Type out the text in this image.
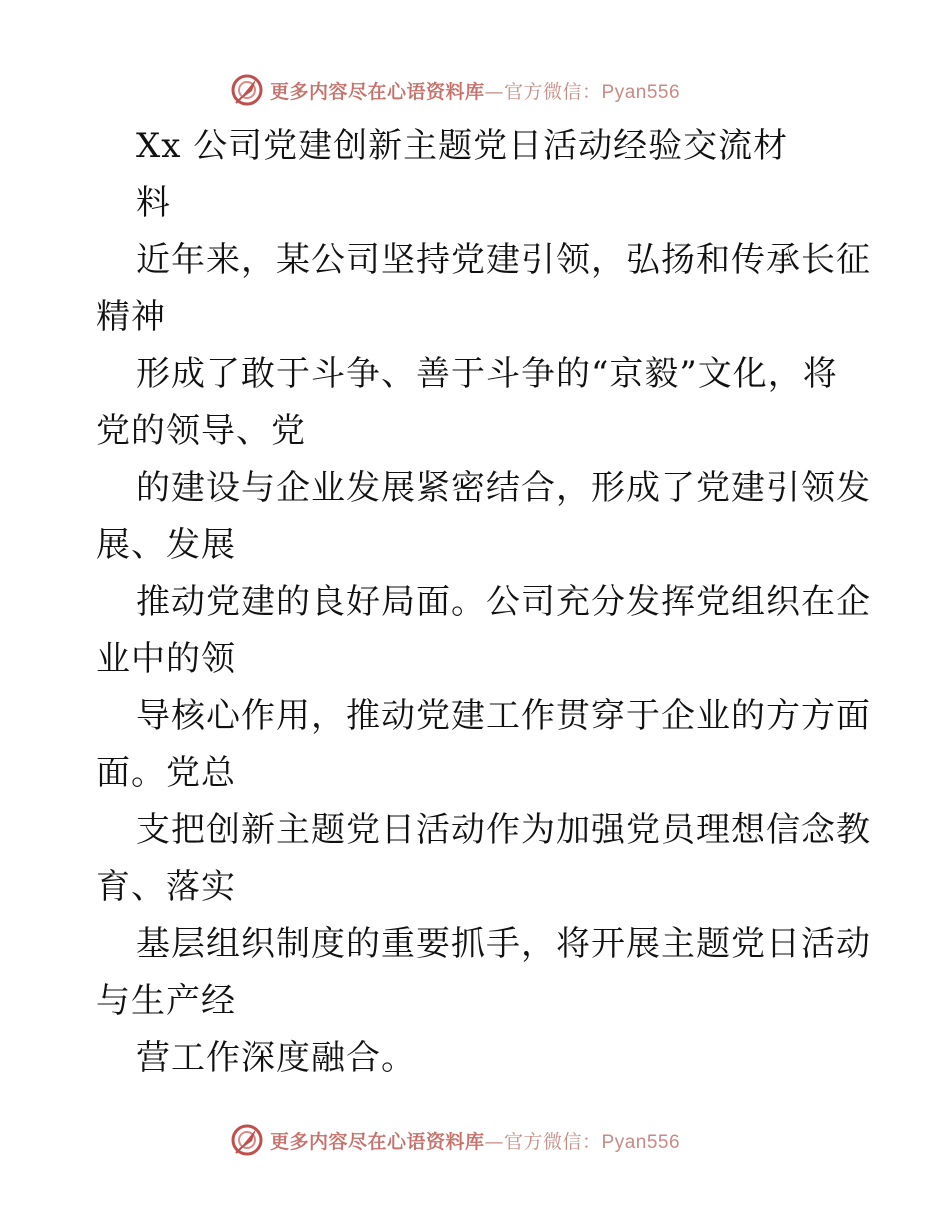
更多内容尽在心语资料库—官方微信：Pyan556
Xx 公司党建创新主题党日活动经验交流材
料
近年来，某公司坚持党建引领，弘扬和传承长征
精神
形成了敢于斗争、善于斗争的“京毅”文化，将
党的领导、党
的建设与企业发展紧密结合，形成了党建引领发
展、发展
推动党建的良好局面。公司充分发挥党组织在企
业中的领
导核心作用，推动党建工作贯穿于企业的方方面
面。党总
支把创新主题党日活动作为加强党员理想信念教
育、落实
基层组织制度的重要抓手，将开展主题党日活动
与生产经
营工作深度融合。
更多内容尽在心语资料库—官方微信：Pyan556
